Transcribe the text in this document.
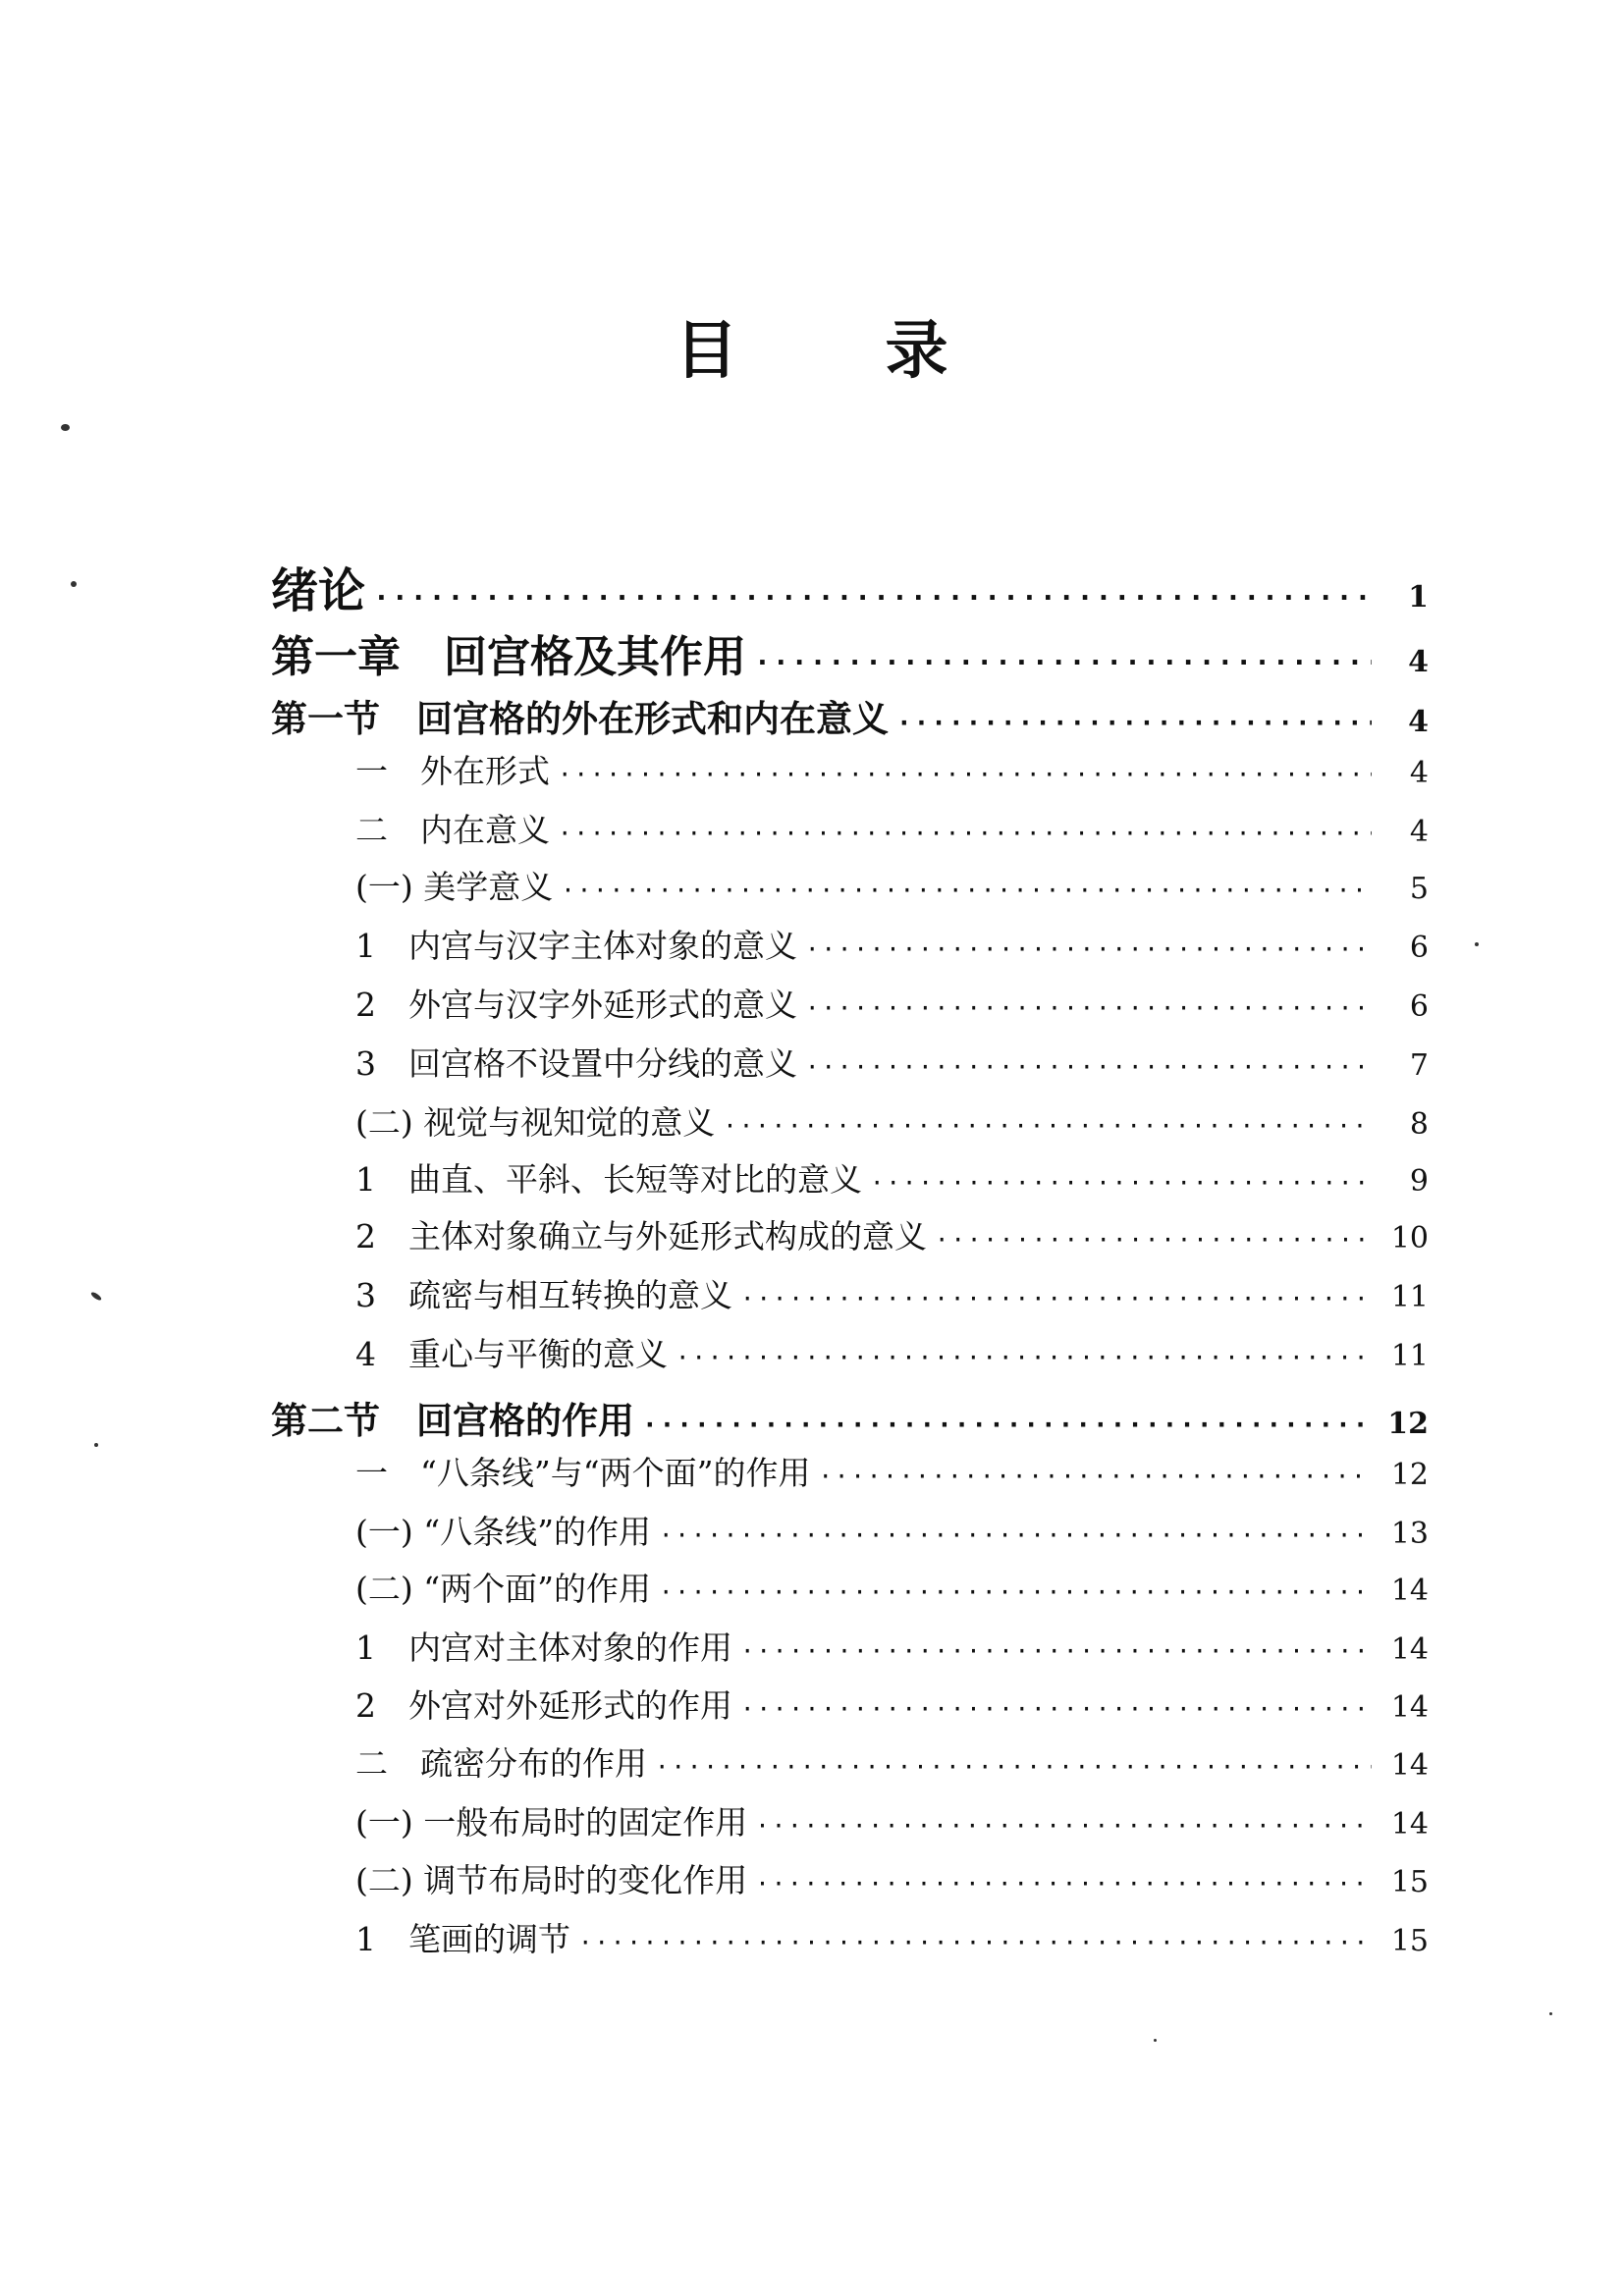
目 录
绪论 ·····	1
第一章　回宫格及其作用 ·····	4
第一节　回宫格的外在形式和内在意义 ·····	4
一　外在形式 ·····	4
二　内在意义 ·····	4
(一) 美学意义 ·····	5
1　内宫与汉字主体对象的意义 ·····	6
2　外宫与汉字外延形式的意义 ·····	6
3　回宫格不设置中分线的意义 ·····	7
(二) 视觉与视知觉的意义 ·····	8
1　曲直、平斜、长短等对比的意义 ·····	9
2　主体对象确立与外延形式构成的意义 ·····	10
3　疏密与相互转换的意义 ·····	11
4　重心与平衡的意义 ·····	11
第二节　回宫格的作用 ·····	12
一　“八条线”与“两个面”的作用 ·····	12
(一) “八条线”的作用 ·····	13
(二) “两个面”的作用 ·····	14
1　内宫对主体对象的作用 ·····	14
2　外宫对外延形式的作用 ·····	14
二　疏密分布的作用 ·····	14
(一) 一般布局时的固定作用 ·····	14
(二) 调节布局时的变化作用 ·····	15
1　笔画的调节 ·····	15
